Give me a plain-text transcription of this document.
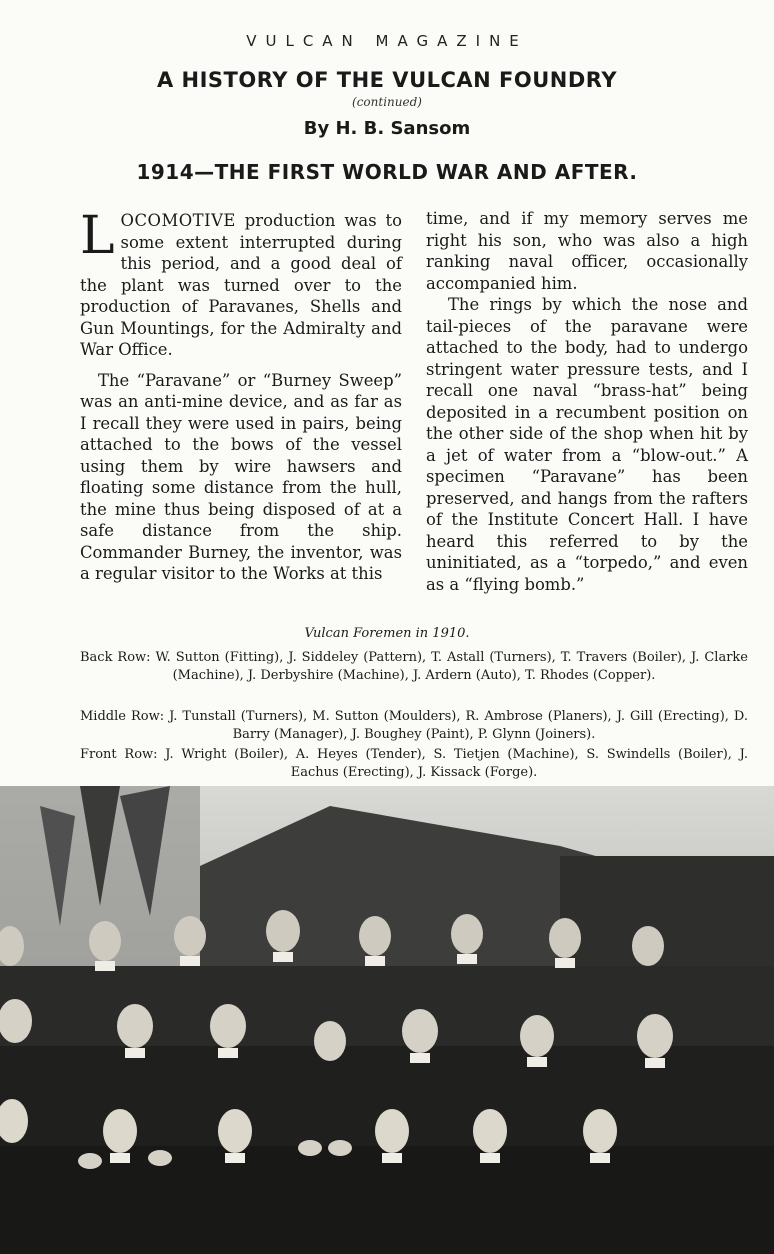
VULCAN MAGAZINE
A HISTORY OF THE VULCAN FOUNDRY
(continued)
By H. B. Sansom
1914—THE FIRST WORLD WAR AND AFTER.

LOCOMOTIVE production was to some extent interrupted during this period, and a good deal of the plant was turned over to the production of Paravanes, Shells and Gun Mountings, for the Admiralty and War Office.

The “Paravane” or “Burney Sweep” was an anti-mine device, and as far as I recall they were used in pairs, being attached to the bows of the vessel using them by wire hawsers and floating some distance from the hull, the mine thus being disposed of at a safe distance from the ship. Commander Burney, the inventor, was a regular visitor to the Works at this

time, and if my memory serves me right his son, who was also a high ranking naval officer, occasionally accompanied him.

The rings by which the nose and tail-pieces of the paravane were attached to the body, had to undergo stringent water pressure tests, and I recall one naval “brass-hat” being deposited in a recumbent position on the other side of the shop when hit by a jet of water from a “blow-out.” A specimen “Paravane” has been preserved, and hangs from the rafters of the Institute Concert Hall. I have heard this referred to by the uninitiated, as a “torpedo,” and even as a “flying bomb.”

Vulcan Foremen in 1910.
Back Row: W. Sutton (Fitting), J. Siddeley (Pattern), T. Astall (Turners), T. Travers (Boiler), J. Clarke (Machine), J. Derbyshire (Machine), J. Ardern (Auto), T. Rhodes (Copper).
Middle Row: J. Tunstall (Turners), M. Sutton (Moulders), R. Ambrose (Planers), J. Gill (Erecting), D. Barry (Manager), J. Boughey (Paint), P. Glynn (Joiners).
Front Row: J. Wright (Boiler), A. Heyes (Tender), S. Tietjen (Machine), S. Swindells (Boiler), J. Eachus (Erecting), J. Kissack (Forge).
